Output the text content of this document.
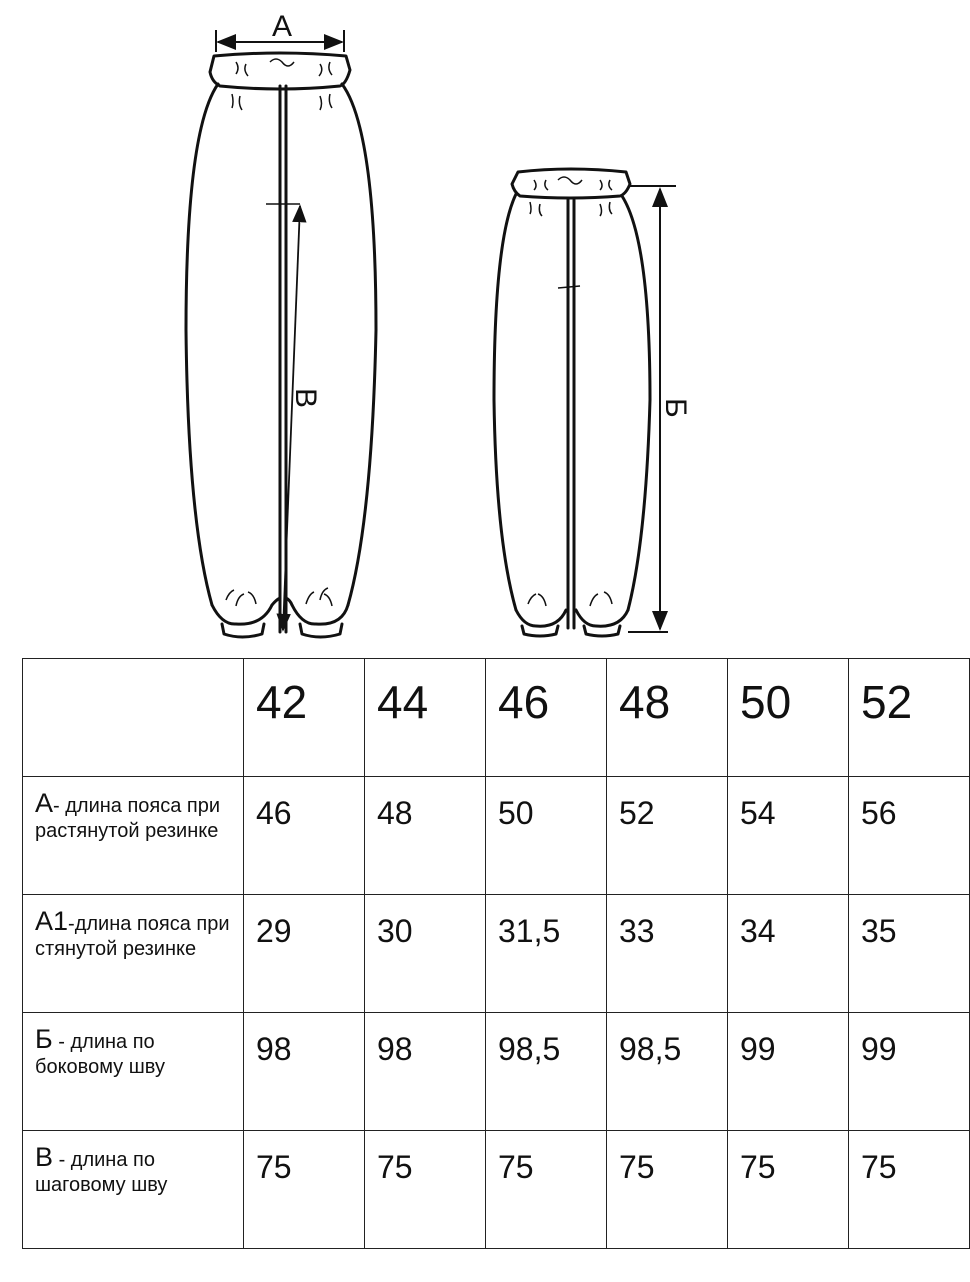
А
В	Б
	42	44	46	48	50	52
А- длина пояса при растянутой резинке	46	48	50	52	54	56
А1-длина пояса при стянутой резинке	29	30	31,5	33	34	35
Б - длина по боковому шву	98	98	98,5	98,5	99	99
В - длина по шаговому шву	75	75	75	75	75	75
